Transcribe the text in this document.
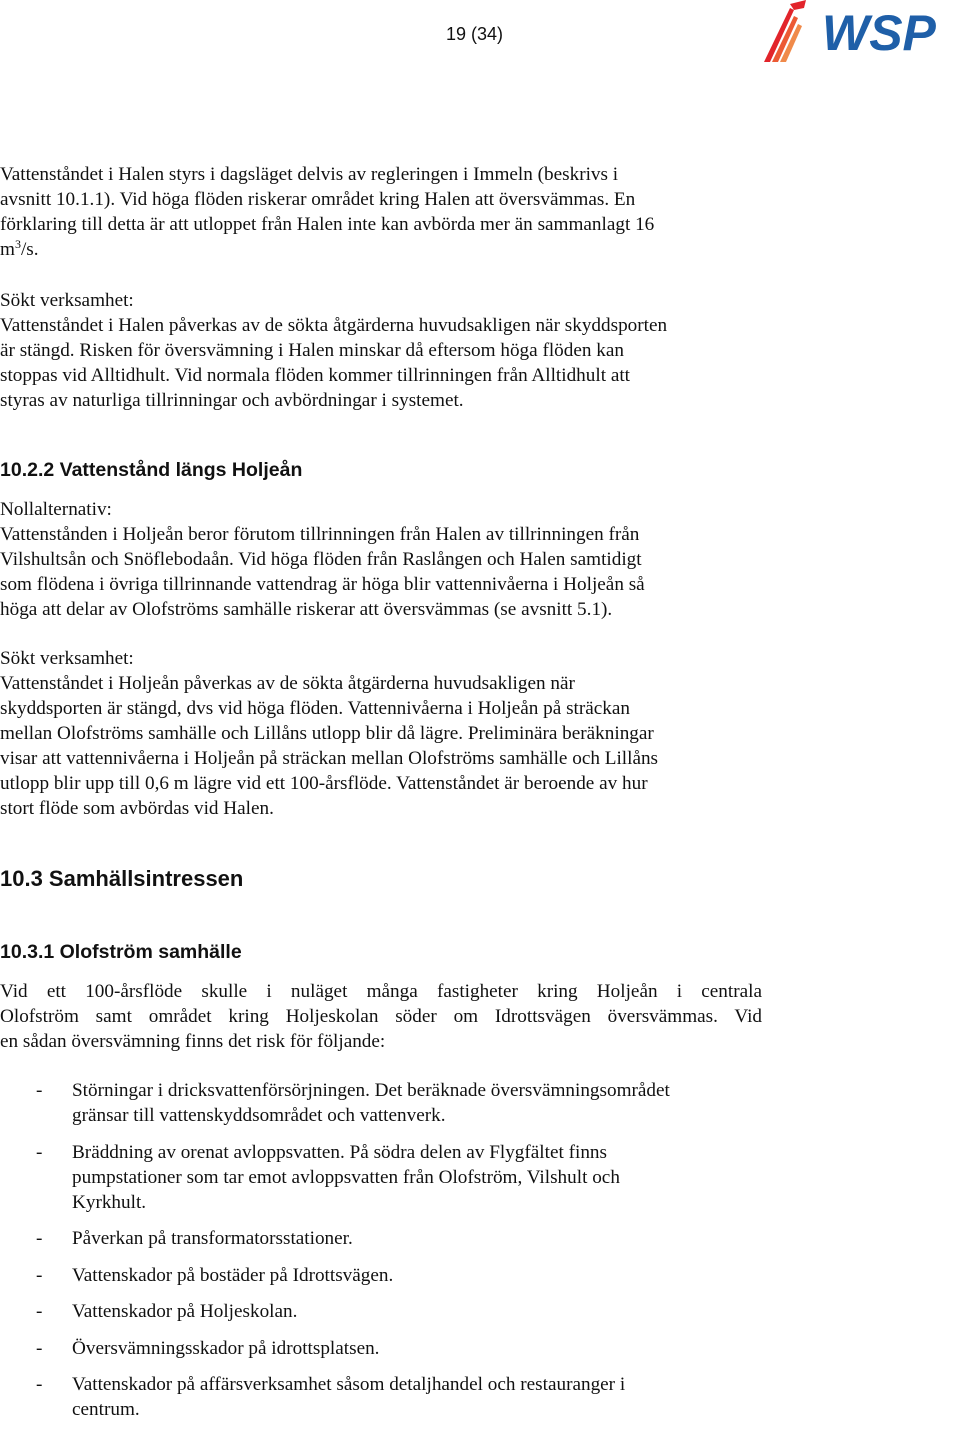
19 (34)	WSP
Vattenståndet i Halen styrs i dagsläget delvis av regleringen i Immeln (beskrivs i
avsnitt 10.1.1). Vid höga flöden riskerar området kring Halen att översvämmas. En
förklaring till detta är att utloppet från Halen inte kan avbörda mer än sammanlagt 16
$m^3/s$.
Sökt verksamhet:
Vattenståndet i Halen påverkas av de sökta åtgärderna huvudsakligen när skyddsporten
är stängd. Risken för översvämning i Halen minskar då eftersom höga flöden kan
stoppas vid Alltidhult. Vid normala flöden kommer tillrinningen från Alltidhult att
styras av naturliga tillrinningar och avbördningar i systemet.
10.2.2 Vattenstånd längs Holjeån
Nollalternativ:
Vattenstånden i Holjeån beror förutom tillrinningen från Halen av tillrinningen från
Vilshultsån och Snöflebodaån. Vid höga flöden från Raslången och Halen samtidigt
som flödena i övriga tillrinnande vattendrag är höga blir vattennivåerna i Holjeån så
höga att delar av Olofströms samhälle riskerar att översvämmas (se avsnitt 5.1).
Sökt verksamhet:
Vattenståndet i Holjeån påverkas av de sökta åtgärderna huvudsakligen när
skyddsporten är stängd, dvs vid höga flöden. Vattennivåerna i Holjeån på sträckan
mellan Olofströms samhälle och Lillåns utlopp blir då lägre. Preliminära beräkningar
visar att vattennivåerna i Holjeån på sträckan mellan Olofströms samhälle och Lillåns
utlopp blir upp till 0,6 m lägre vid ett 100-årsflöde. Vattenståndet är beroende av hur
stort flöde som avbördas vid Halen.
10.3 Samhällsintressen
10.3.1 Olofström samhälle
Vid ett 100-årsflöde skulle i nuläget många fastigheter kring Holjeån i centrala
Olofström samt området kring Holjeskolan söder om Idrottsvägen översvämmas. Vid
en sådan översvämning finns det risk för följande:
- Störningar i dricksvattenförsörjningen. Det beräknade översvämningsområdet
gränsar till vattenskyddsområdet och vattenverk.
- Bräddning av orenat avloppsvatten. På södra delen av Flygfältet finns
pumpstationer som tar emot avloppsvatten från Olofström, Vilshult och
Kyrkhult.
- Påverkan på transformatorsstationer.
- Vattenskador på bostäder på Idrottsvägen.
- Vattenskador på Holjeskolan.
- Översvämningsskador på idrottsplatsen.
- Vattenskador på affärsverksamhet såsom detaljhandel och restauranger i
centrum.
